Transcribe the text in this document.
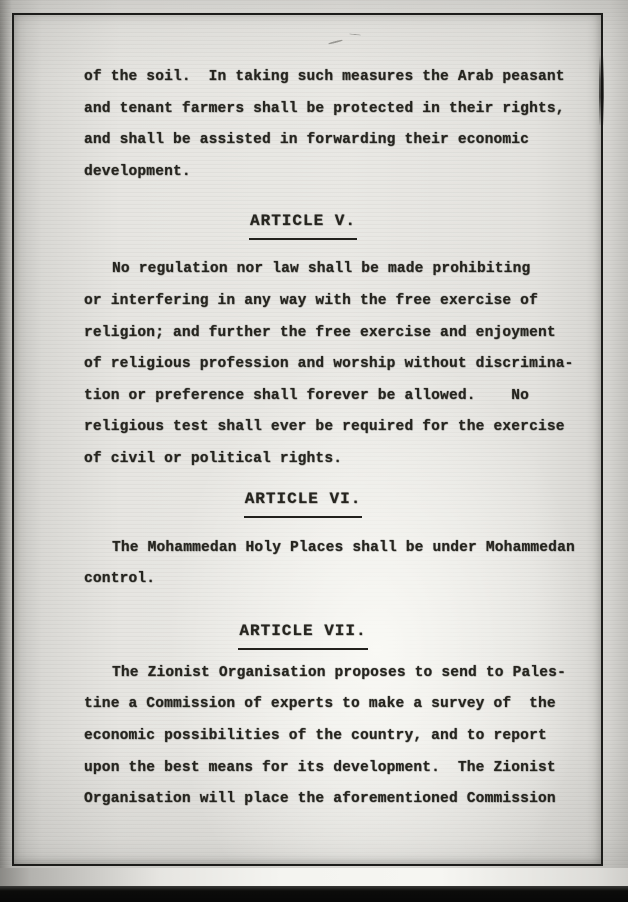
of the soil.  In taking such measures the Arab peasant
and tenant farmers shall be protected in their rights,
and shall be assisted in forwarding their economic
development.
ARTICLE V.
No regulation nor law shall be made prohibiting
or interfering in any way with the free exercise of
religion; and further the free exercise and enjoyment
of religious profession and worship without discrimina-
tion or preference shall forever be allowed.    No
religious test shall ever be required for the exercise
of civil or political rights.
ARTICLE VI.
The Mohammedan Holy Places shall be under Mohammedan
control.
ARTICLE VII.
The Zionist Organisation proposes to send to Pales-
tine a Commission of experts to make a survey of  the
economic possibilities of the country, and to report
upon the best means for its development.  The Zionist
Organisation will place the aforementioned Commission
